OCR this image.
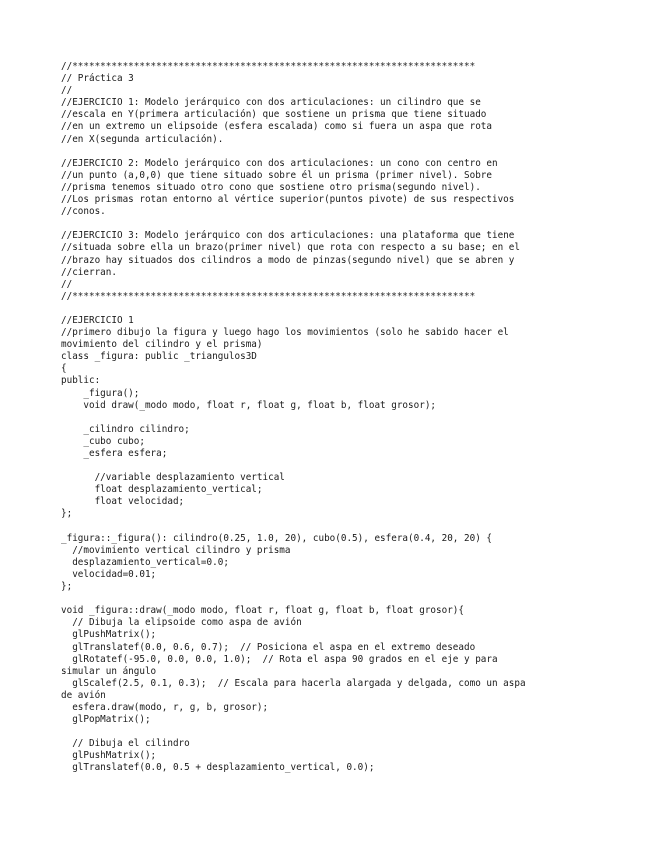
//************************************************************************
// Práctica 3
//
//EJERCICIO 1: Modelo jerárquico con dos articulaciones: un cilindro que se
//escala en Y(primera articulación) que sostiene un prisma que tiene situado
//en un extremo un elipsoide (esfera escalada) como si fuera un aspa que rota
//en X(segunda articulación).
//EJERCICIO 2: Modelo jerárquico con dos articulaciones: un cono con centro en
//un punto (a,0,0) que tiene situado sobre él un prisma (primer nivel). Sobre
//prisma tenemos situado otro cono que sostiene otro prisma(segundo nivel).
//Los prismas rotan entorno al vértice superior(puntos pivote) de sus respectivos
//conos.
//EJERCICIO 3: Modelo jerárquico con dos articulaciones: una plataforma que tiene
//situada sobre ella un brazo(primer nivel) que rota con respecto a su base; en el
//brazo hay situados dos cilindros a modo de pinzas(segundo nivel) que se abren y
//cierran.
//
//************************************************************************
//EJERCICIO 1
//primero dibujo la figura y luego hago los movimientos (solo he sabido hacer el
movimiento del cilindro y el prisma)
class _figura: public _triangulos3D
{
public:
_figura();
void draw(_modo modo, float r, float g, float b, float grosor);
_cilindro cilindro;
_cubo cubo;
_esfera esfera;
//variable desplazamiento vertical
float desplazamiento_vertical;
float velocidad;
};
_figura::_figura(): cilindro(0.25, 1.0, 20), cubo(0.5), esfera(0.4, 20, 20) {
//movimiento vertical cilindro y prisma
desplazamiento_vertical=0.0;
velocidad=0.01;
};
void _figura::draw(_modo modo, float r, float g, float b, float grosor){
// Dibuja la elipsoide como aspa de avión
glPushMatrix();
glTranslatef(0.0, 0.6, 0.7);  // Posiciona el aspa en el extremo deseado
glRotatef(-95.0, 0.0, 0.0, 1.0);  // Rota el aspa 90 grados en el eje y para
simular un ángulo
glScalef(2.5, 0.1, 0.3);  // Escala para hacerla alargada y delgada, como un aspa
de avión
esfera.draw(modo, r, g, b, grosor);
glPopMatrix();
// Dibuja el cilindro
glPushMatrix();
glTranslatef(0.0, 0.5 + desplazamiento_vertical, 0.0);
